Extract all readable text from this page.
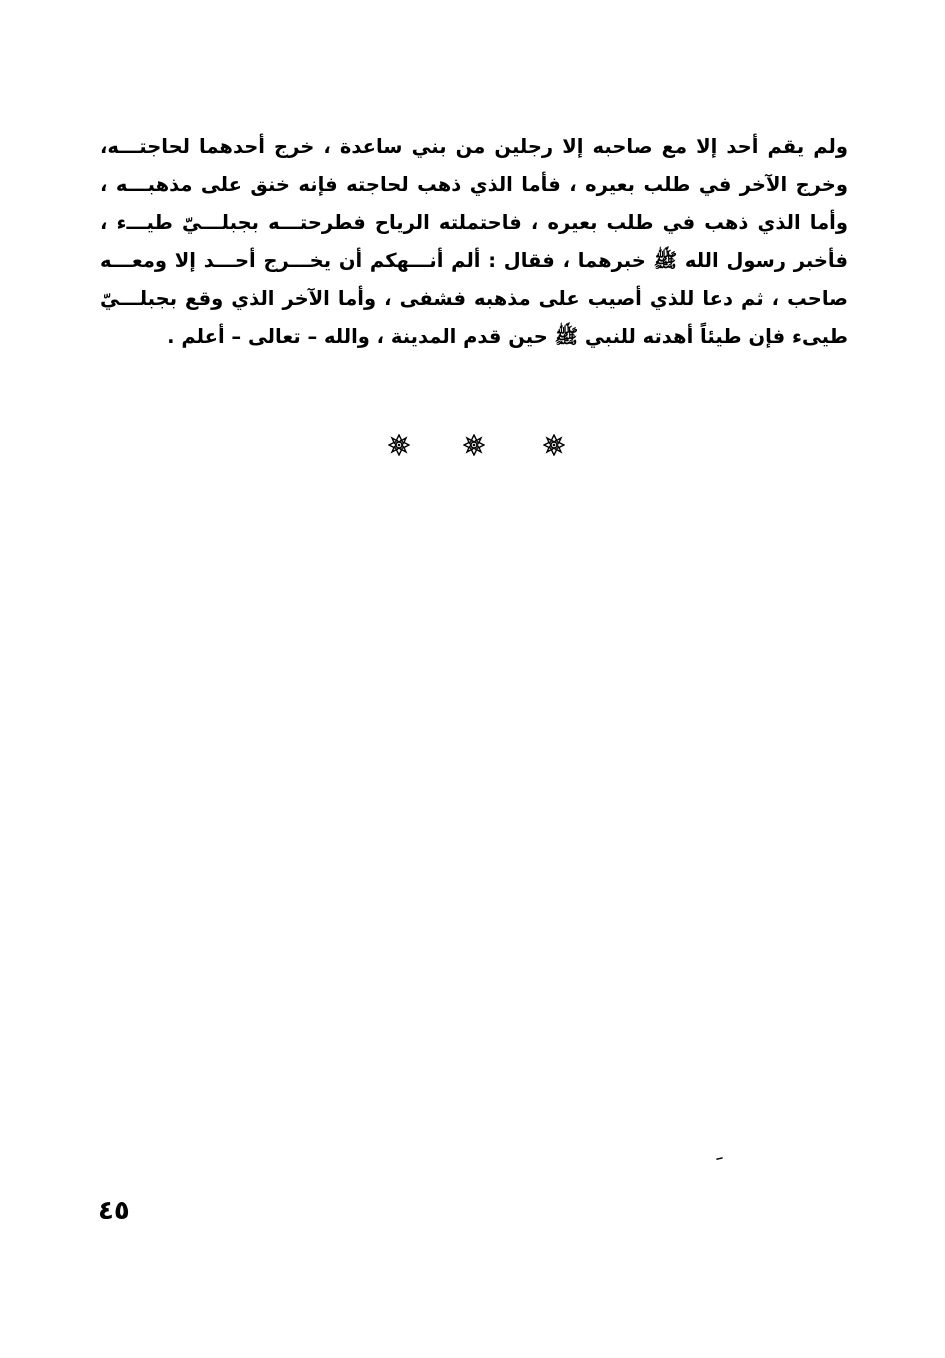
ولم يقم أحد إلا مع صاحبه إلا رجلين من بني ساعدة ، خرج أحدهما لحاجتـــه،
وخرج الآخر في طلب بعيره ، فأما الذي ذهب لحاجته فإنه خنق على مذهبـــه ،
وأما الذي ذهب في طلب بعيره ، فاحتملته الرياح فطرحتـــه بجبلـــيّ طيـــء ،
فأخبر رسول الله ﷺ خبرهما ، فقال : ألم أنـــهكم أن يخـــرج أحـــد إلا ومعـــه
صاحب ، ثم دعا للذي أصيب على مذهبه فشفى ، وأما الآخر الذي وقع بجبلـــيّ
طيىء فإن طيئاً أهدته للنبي ﷺ حين قدم المدينة ، والله – تعالى – أعلم .
٤٥
